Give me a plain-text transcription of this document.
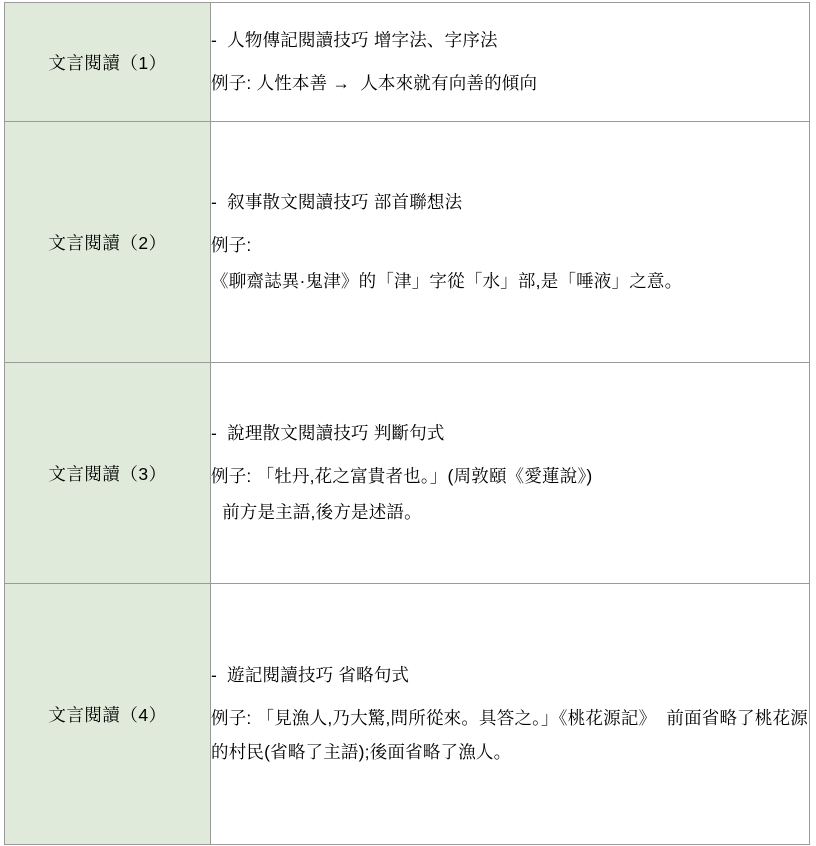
文言閱讀（1）	-  人物傳記閱讀技巧 增字法、字序法
例子: 人性本善 →  人本來就有向善的傾向

文言閱讀（2）	-  叙事散文閱讀技巧 部首聯想法
例子:
《聊齋誌異·鬼津》的「津」字從「水」部,是「唾液」之意。

文言閱讀（3）	-  說理散文閱讀技巧 判斷句式
例子: 「牡丹,花之富貴者也。」(周敦頤《愛蓮說》)
前方是主語,後方是述語。

文言閱讀（4）	-  遊記閱讀技巧 省略句式
例子: 「見漁人,乃大驚,問所從來。具答之。」《桃花源記》  前面省略了桃花源的村民(省略了主語);後面省略了漁人。
